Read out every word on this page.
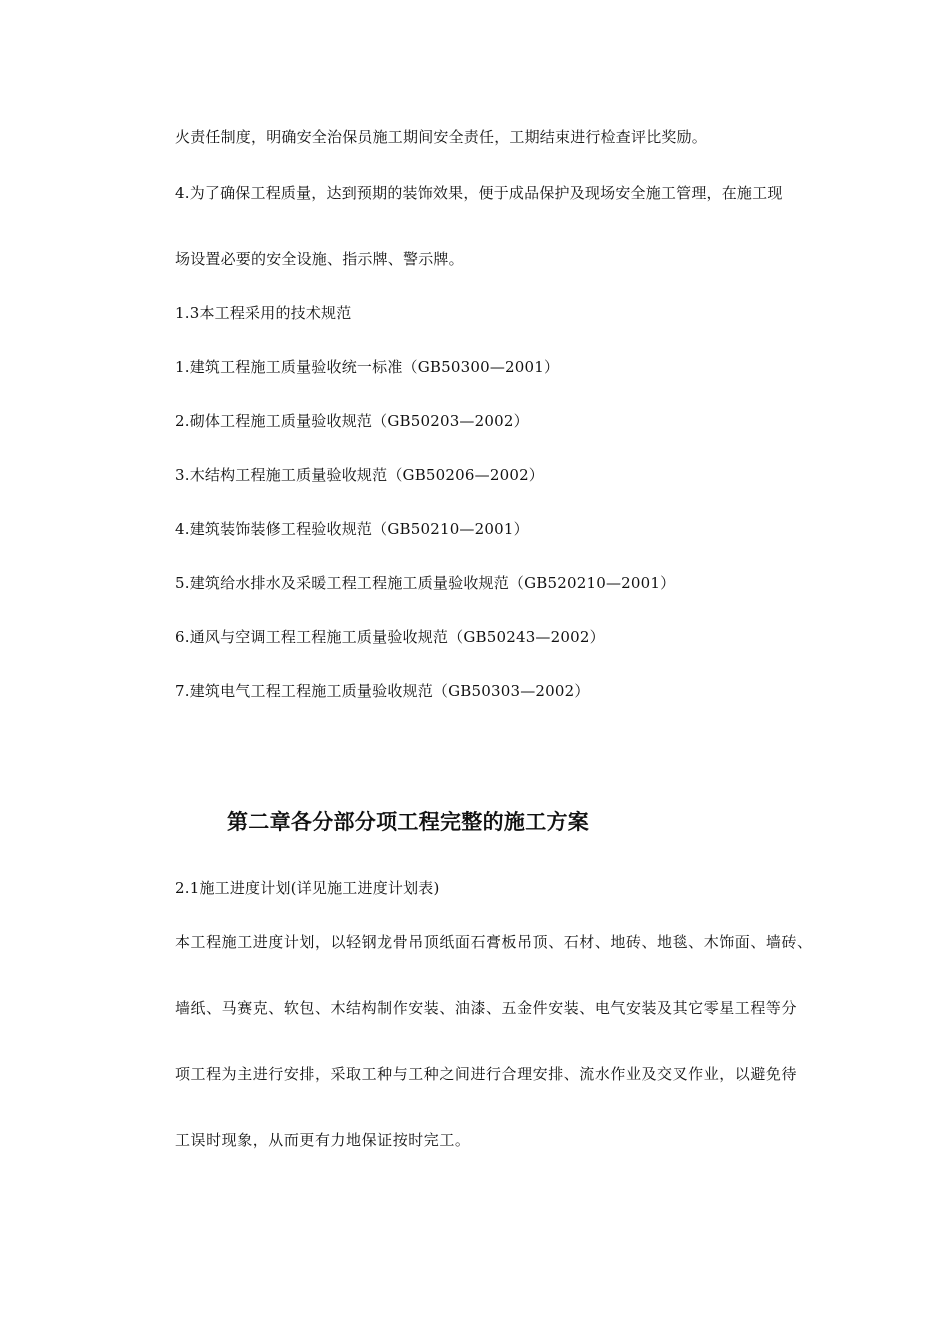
火责任制度，明确安全治保员施工期间安全责任，工期结束进行检查评比奖励。
4.为了确保工程质量，达到预期的装饰效果，便于成品保护及现场安全施工管理，在施工现
场设置必要的安全设施、指示牌、警示牌。
1.3本工程采用的技术规范
1.建筑工程施工质量验收统一标准（GB50300—2001）
2.砌体工程施工质量验收规范（GB50203—2002）
3.木结构工程施工质量验收规范（GB50206—2002）
4.建筑装饰装修工程验收规范（GB50210—2001）
5.建筑给水排水及采暖工程工程施工质量验收规范（GB520210—2001）
6.通风与空调工程工程施工质量验收规范（GB50243—2002）
7.建筑电气工程工程施工质量验收规范（GB50303—2002）
第二章各分部分项工程完整的施工方案
2.1施工进度计划(详见施工进度计划表)
本工程施工进度计划，以轻钢龙骨吊顶纸面石膏板吊顶、石材、地砖、地毯、木饰面、墙砖、
墙纸、马赛克、软包、木结构制作安装、油漆、五金件安装、电气安装及其它零星工程等分
项工程为主进行安排，采取工种与工种之间进行合理安排、流水作业及交叉作业，以避免待
工误时现象，从而更有力地保证按时完工。
